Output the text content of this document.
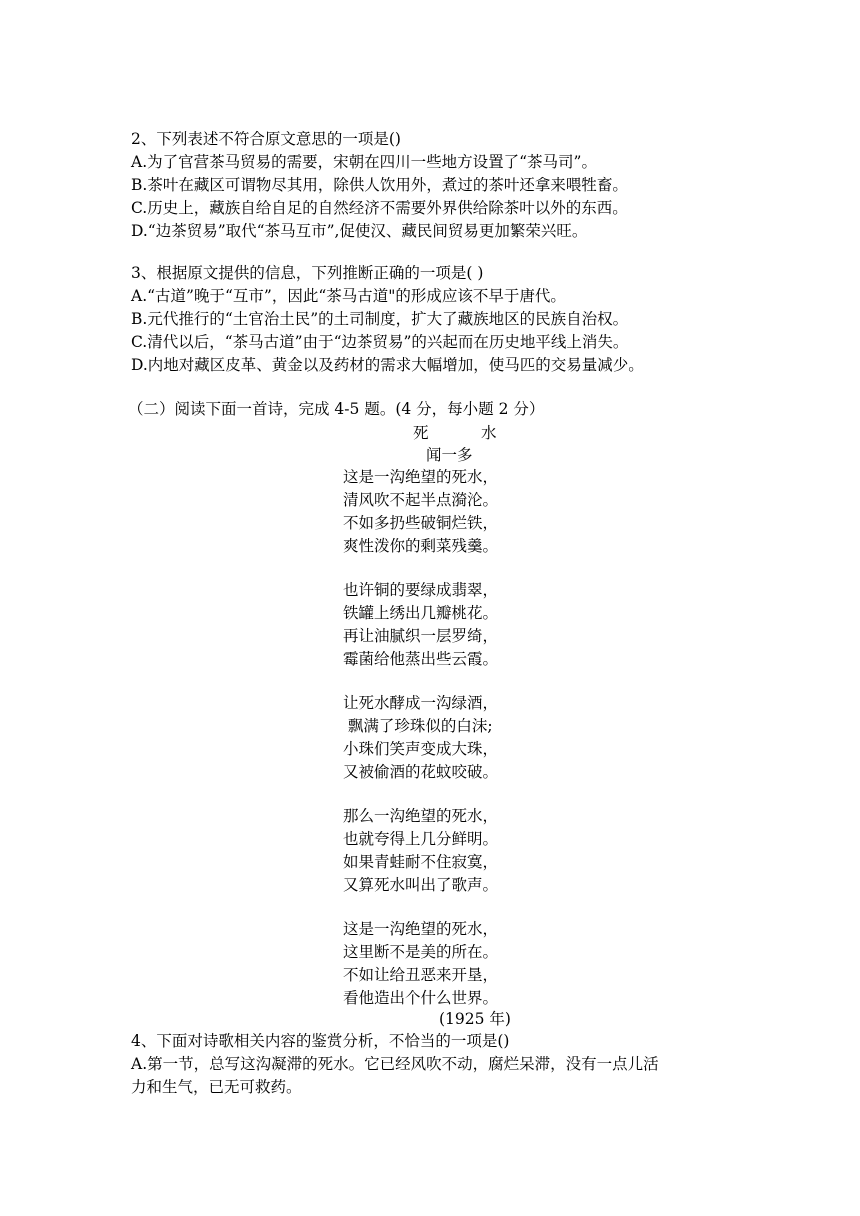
2、下列表述不符合原文意思的一项是()
A.为了官营茶马贸易的需要，宋朝在四川一些地方设置了“茶马司”。
B.茶叶在藏区可谓物尽其用，除供人饮用外，煮过的茶叶还拿来喂牲畜。
C.历史上，藏族自给自足的自然经济不需要外界供给除茶叶以外的东西。
D.“边茶贸易”取代“茶马互市”,促使汉、藏民间贸易更加繁荣兴旺。
3、根据原文提供的信息，下列推断正确的一项是( )
A.“古道”晚于“互市”，因此“茶马古道"的形成应该不早于唐代。
B.元代推行的“土官治土民”的土司制度，扩大了藏族地区的民族自治权。
C.清代以后，“茶马古道”由于“边茶贸易”的兴起而在历史地平线上消失。
D.内地对藏区皮革、黄金以及药材的需求大幅增加，使马匹的交易量减少。
（二）阅读下面一首诗，完成 4-5 题。(4 分，每小题 2 分）
死	水
闻一多
这是一沟绝望的死水，
清风吹不起半点漪沦。
不如多扔些破铜烂铁，
爽性泼你的剩菜残羹。
也许铜的要绿成翡翠，
铁罐上绣出几瓣桃花。
再让油腻织一层罗绮，
霉菌给他蒸出些云霞。
让死水酵成一沟绿酒，
飘满了珍珠似的白沫;
小珠们笑声变成大珠，
又被偷酒的花蚊咬破。
那么一沟绝望的死水，
也就夸得上几分鲜明。
如果青蛙耐不住寂寞，
又算死水叫出了歌声。
这是一沟绝望的死水，
这里断不是美的所在。
不如让给丑恶来开垦，
看他造出个什么世界。
(1925 年)
4、下面对诗歌相关内容的鉴赏分析，不恰当的一项是()
A.第一节，总写这沟凝滞的死水。它已经风吹不动，腐烂呆滞，没有一点儿活
力和生气，已无可救药。
